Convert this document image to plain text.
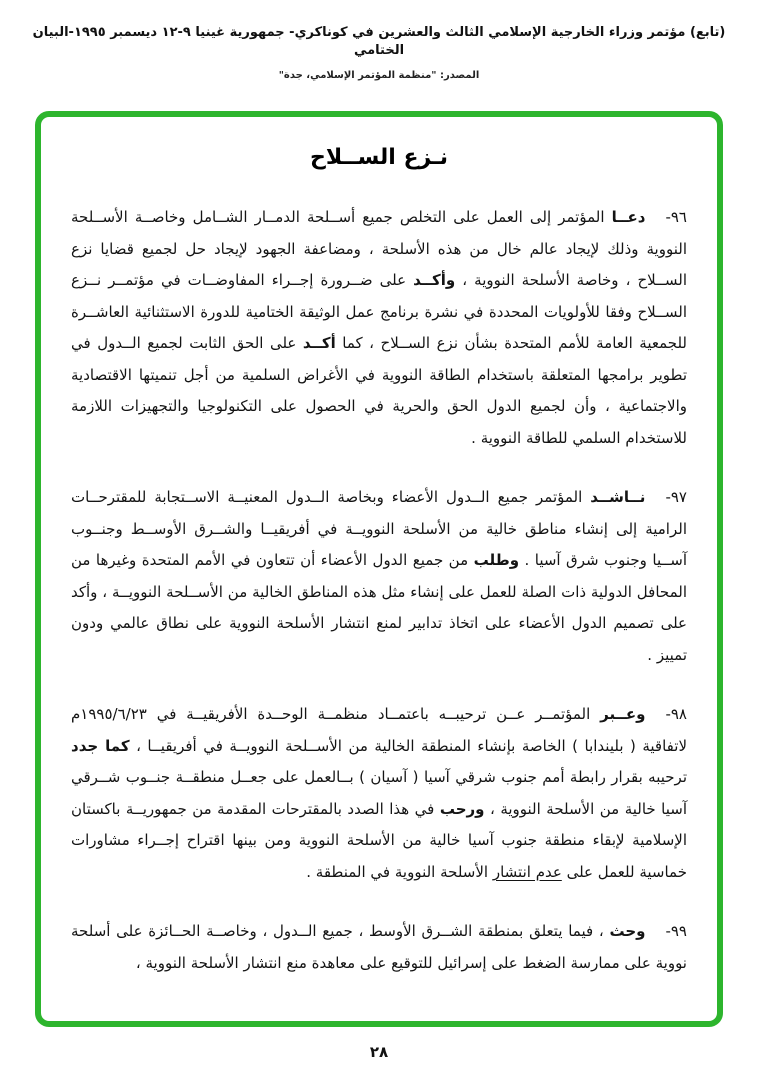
(تابع) مؤتمر وزراء الخارجية الإسلامي الثالث والعشرين في كوناكري- جمهورية غينيا ٩-١٢ ديسمبر ١٩٩٥-البيان الختامي
المصدر: "منظمة المؤتمر الإسلامي، جدة"
نـزع الســلاح
٩٦-دعــا المؤتمر إلى العمل على التخلص جميع أســلحة الدمــار الشــامل وخاصــة الأســلحة النووية وذلك لإيجاد عالم خال من هذه الأسلحة ، ومضاعفة الجهود لإيجاد حل لجميع قضايا نزع الســلاح ، وخاصة الأسلحة النووية ، وأكــد على ضــرورة إجــراء المفاوضــات في مؤتمــر نــزع الســلاح وفقا للأولويات المحددة في نشرة برنامج عمل الوثيقة الختامية للدورة الاستثنائية العاشــرة للجمعية العامة للأمم المتحدة بشأن نزع الســلاح ، كما أكــد على الحق الثابت لجميع الــدول في تطوير برامجها المتعلقة باستخدام الطاقة النووية في الأغراض السلمية من أجل تنميتها الاقتصادية والاجتماعية ، وأن لجميع الدول الحق والحرية في الحصول على التكنولوجيا والتجهيزات اللازمة للاستخدام السلمي للطاقة النووية .
٩٧-نــاشــد المؤتمر جميع الــدول الأعضاء وبخاصة الــدول المعنيــة الاســتجابة للمقترحــات الرامية إلى إنشاء مناطق خالية من الأسلحة النوويــة في أفريقيــا والشــرق الأوســط وجنــوب آســيا وجنوب شرق آسيا . وطلب من جميع الدول الأعضاء أن تتعاون في الأمم المتحدة وغيرها من المحافل الدولية ذات الصلة للعمل على إنشاء مثل هذه المناطق الخالية من الأســلحة النوويــة ، وأكد على تصميم الدول الأعضاء على اتخاذ تدابير لمنع انتشار الأسلحة النووية على نطاق عالمي ودون تمييز .
٩٨-وعــبر المؤتمــر عــن ترحيبــه باعتمــاد منظمــة الوحــدة الأفريقيــة في ١٩٩٥/٦/٢٣م لاتفاقية ( بليندابا ) الخاصة بإنشاء المنطقة الخالية من الأســلحة النوويــة في أفريقيــا ، كما جدد ترحيبه بقرار رابطة أمم جنوب شرقي آسيا ( آسيان ) بــالعمل على جعــل منطقــة جنــوب شــرقي آسيا خالية من الأسلحة النووية ، ورحب في هذا الصدد بالمقترحات المقدمة من جمهوريــة باكستان الإسلامية لإبقاء منطقة جنوب آسيا خالية من الأسلحة النووية ومن بينها اقتراح إجــراء مشاورات خماسية للعمل على عدم انتشار الأسلحة النووية في المنطقة .
٩٩-وحث ، فيما يتعلق بمنطقة الشــرق الأوسط ، جميع الــدول ، وخاصــة الحــائزة على أسلحة نووية على ممارسة الضغط على إسرائيل للتوقيع على معاهدة منع انتشار الأسلحة النووية ،
٢٨
